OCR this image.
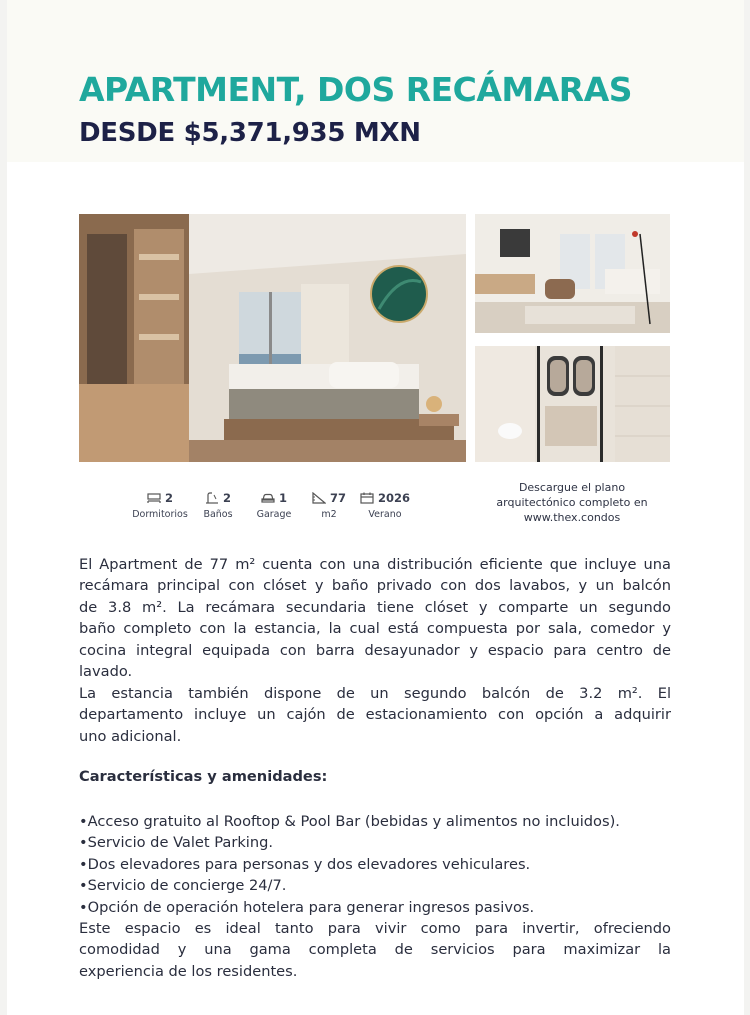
APARTMENT, DOS RECÁMARAS
DESDE $5,371,935 MXN
2
Dormitorios
2
Baños
1
Garage
77
m2
2026
Verano
Descargue el plano
arquitectónico completo en
www.thex.condos
El Apartment de 77 m² cuenta con una distribución eficiente que incluye una
recámara principal con clóset y baño privado con dos lavabos, y un balcón
de 3.8 m². La recámara secundaria tiene clóset y comparte un segundo
baño completo con la estancia, la cual está compuesta por sala, comedor y
cocina integral equipada con barra desayunador y espacio para centro de
lavado.
La estancia también dispone de un segundo balcón de 3.2 m². El
departamento incluye un cajón de estacionamiento con opción a adquirir
uno adicional.
Características y amenidades:
•Acceso gratuito al Rooftop & Pool Bar (bebidas y alimentos no incluidos).
•Servicio de Valet Parking.
•Dos elevadores para personas y dos elevadores vehiculares.
•Servicio de concierge 24/7.
•Opción de operación hotelera para generar ingresos pasivos.
Este espacio es ideal tanto para vivir como para invertir, ofreciendo
comodidad y una gama completa de servicios para maximizar la
experiencia de los residentes.
